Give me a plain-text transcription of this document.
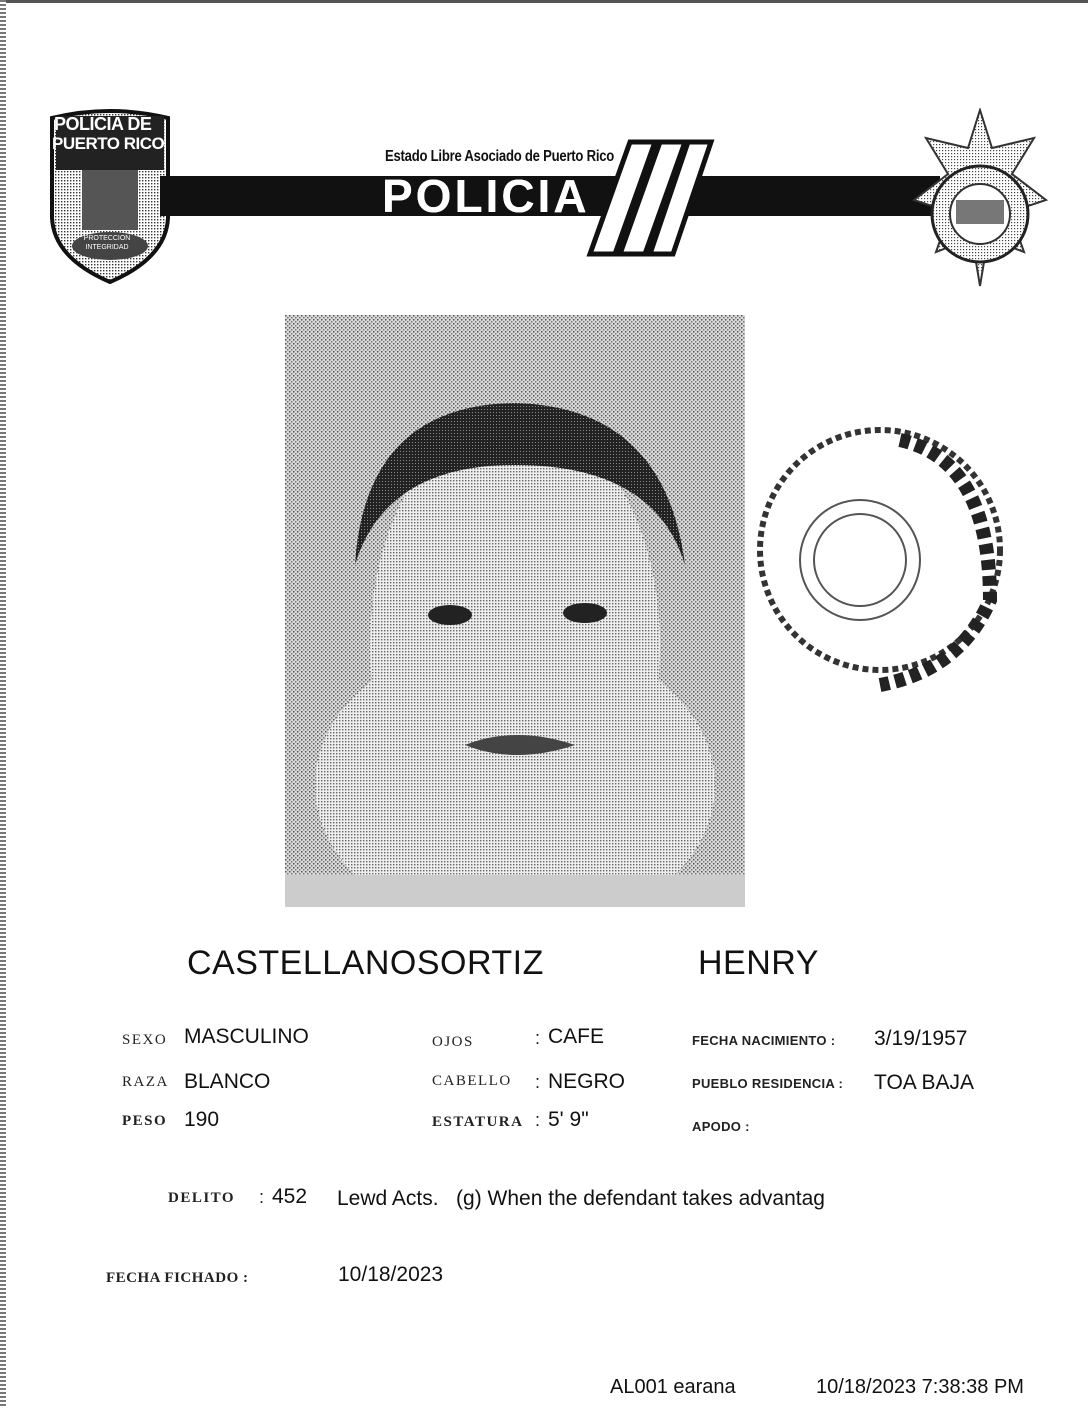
POLICIA DE
PUERTO RICO
PROTECCION INTEGRIDAD
Estado Libre Asociado de Puerto Rico
POLICIA
CASTELLANOSORTIZ	HENRY
SEXO MASCULINO
RAZA BLANCO
PESO 190
OJOS	: CAFE
CABELLO : NEGRO
ESTATURA : 5' 9"
FECHA NACIMIENTO : 3/19/1957
PUEBLO RESIDENCIA : TOA BAJA
APODO :
DELITO : 452 Lewd Acts.   (g) When the defendant takes advantag
FECHA FICHADO :	10/18/2023
AL001 earana	10/18/2023 7:38:38 PM
